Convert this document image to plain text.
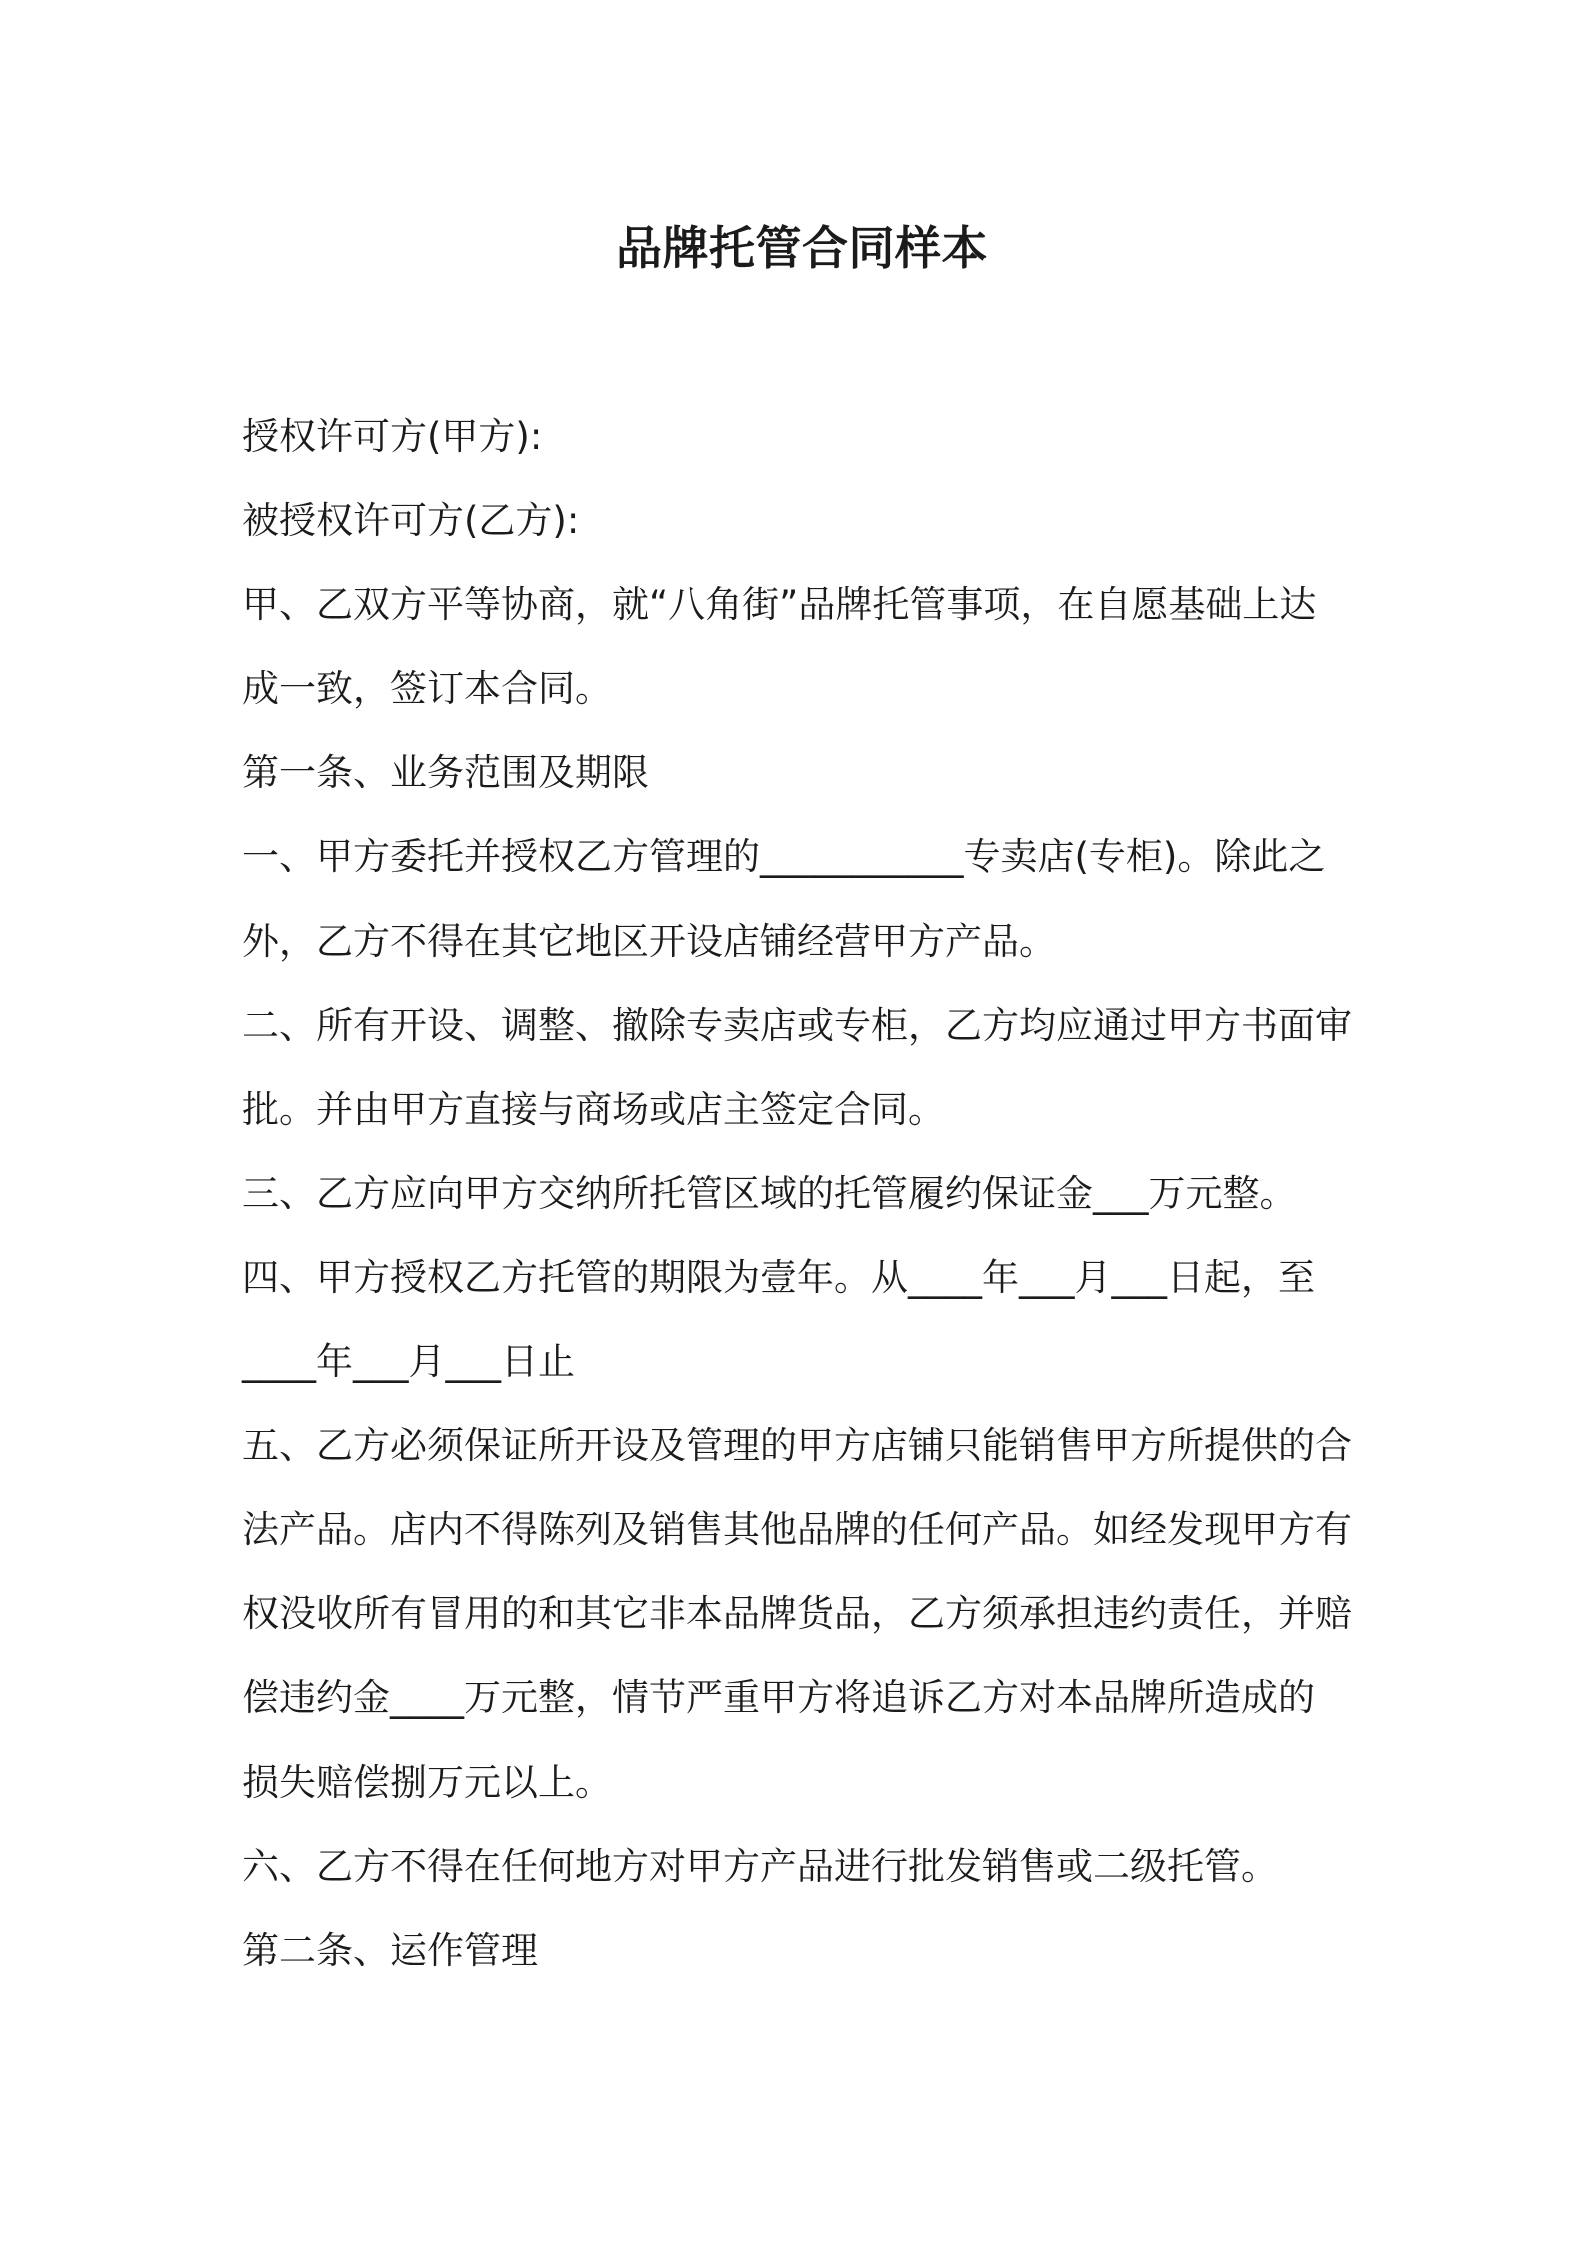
品牌托管合同样本
授权许可方(甲方):
被授权许可方(乙方):
甲、乙双方平等协商，就“八角街”品牌托管事项，在自愿基础上达
成一致，签订本合同。
第一条、业务范围及期限
一、甲方委托并授权乙方管理的___________专卖店(专柜)。除此之
外，乙方不得在其它地区开设店铺经营甲方产品。
二、所有开设、调整、撤除专卖店或专柜，乙方均应通过甲方书面审
批。并由甲方直接与商场或店主签定合同。
三、乙方应向甲方交纳所托管区域的托管履约保证金___万元整。
四、甲方授权乙方托管的期限为壹年。从____年___月___日起，至
____年___月___日止
五、乙方必须保证所开设及管理的甲方店铺只能销售甲方所提供的合
法产品。店内不得陈列及销售其他品牌的任何产品。如经发现甲方有
权没收所有冒用的和其它非本品牌货品，乙方须承担违约责任，并赔
偿违约金____万元整，情节严重甲方将追诉乙方对本品牌所造成的
损失赔偿捌万元以上。
六、乙方不得在任何地方对甲方产品进行批发销售或二级托管。
第二条、运作管理
